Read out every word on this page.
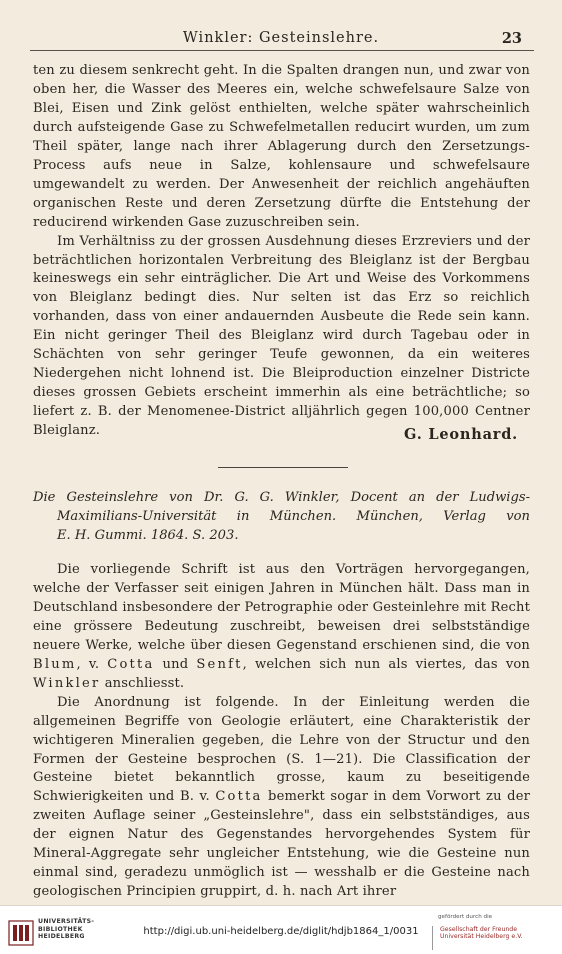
Winkler: Gesteinslehre.	23

ten zu diesem senkrecht geht. In die Spalten drangen nun, und zwar von oben her, die Wasser des Meeres ein, welche schwefelsaure Salze von Blei, Eisen und Zink gelöst enthielten, welche später wahrscheinlich durch aufsteigende Gase zu Schwefelmetallen reducirt wurden, um zum Theil später, lange nach ihrer Ablagerung durch den Zersetzungs-Process aufs neue in Salze, kohlensaure und schwefelsaure umgewandelt zu werden. Der Anwesenheit der reichlich angehäuften organischen Reste und deren Zersetzung dürfte die Entstehung der reducirend wirkenden Gase zuzuschreiben sein.

Im Verhältniss zu der grossen Ausdehnung dieses Erzreviers und der beträchtlichen horizontalen Verbreitung des Bleiglanz ist der Bergbau keineswegs ein sehr einträglicher. Die Art und Weise des Vorkommens von Bleiglanz bedingt dies. Nur selten ist das Erz so reichlich vorhanden, dass von einer andauernden Ausbeute die Rede sein kann. Ein nicht geringer Theil des Bleiglanz wird durch Tagebau oder in Schächten von sehr geringer Teufe gewonnen, da ein weiteres Niedergehen nicht lohnend ist. Die Bleiproduction einzelner Districte dieses grossen Gebiets erscheint immerhin als eine beträchtliche; so liefert z. B. der Menomenee-District alljährlich gegen 100,000 Centner Bleiglanz.	G. Leonhard.
Die Gesteinslehre von Dr. G. G. Winkler, Docent an der Ludwigs-
Maximilians-Universität in München. München, Verlag von
E. H. Gummi. 1864. S. 203.

Die vorliegende Schrift ist aus den Vorträgen hervorgegangen, welche der Verfasser seit einigen Jahren in München hält. Dass man in Deutschland insbesondere der Petrographie oder Gesteinlehre mit Recht eine grössere Bedeutung zuschreibt, beweisen drei selbstständige neuere Werke, welche über diesen Gegenstand erschienen sind, die von Blum, v. Cotta und Senft, welchen sich nun als viertes, das von Winkler anschliesst.

Die Anordnung ist folgende. In der Einleitung werden die allgemeinen Begriffe von Geologie erläutert, eine Charakteristik der wichtigeren Mineralien gegeben, die Lehre von der Structur und den Formen der Gesteine besprochen (S. 1—21). Die Classification der Gesteine bietet bekanntlich grosse, kaum zu beseitigende Schwierigkeiten und B. v. Cotta bemerkt sogar in dem Vorwort zu der zweiten Auflage seiner „Gesteinslehre", dass ein selbstständiges, aus der eignen Natur des Gegenstandes hervorgehendes System für Mineral-Aggregate sehr ungleicher Entstehung, wie die Gesteine nun einmal sind, geradezu unmöglich ist — wesshalb er die Gesteine nach geologischen Principien gruppirt, d. h. nach Art ihrer

UNIVERSITÄTS-
BIBLIOTHEK
HEIDELBERG	http://digi.ub.uni-heidelberg.de/diglit/hdjb1864_1/0031
gefördert durch die
Gesellschaft der Freunde
Universität Heidelberg e.V.
